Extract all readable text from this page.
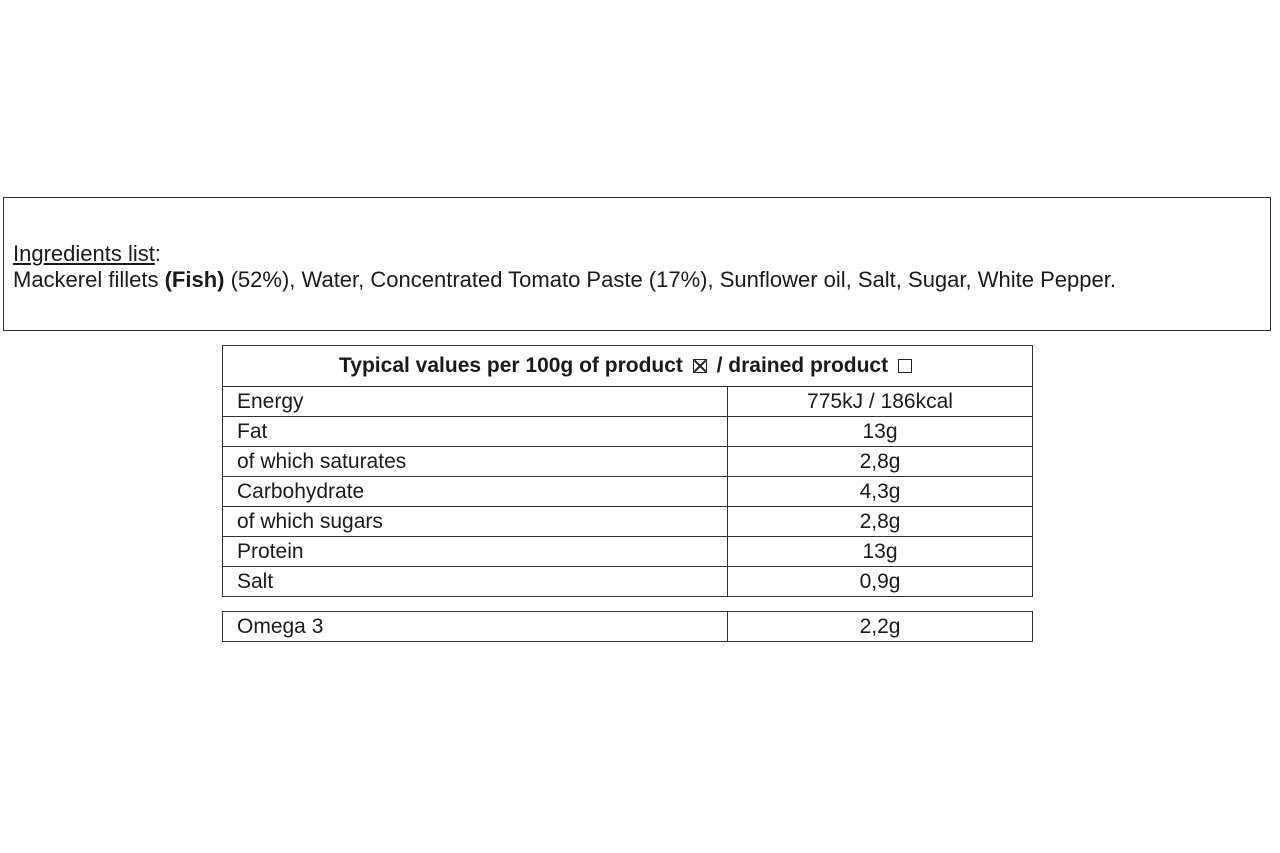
Ingredients list:
Mackerel fillets (Fish) (52%), Water, Concentrated Tomato Paste (17%), Sunflower oil, Salt, Sugar, White Pepper.
Typical values per 100g of product / drained product	
Energy	775kJ / 186kcal
Fat	13g
of which saturates	2,8g
Carbohydrate	4,3g
of which sugars	2,8g
Protein	13g
Salt	0,9g
Omega 3	2,2g
